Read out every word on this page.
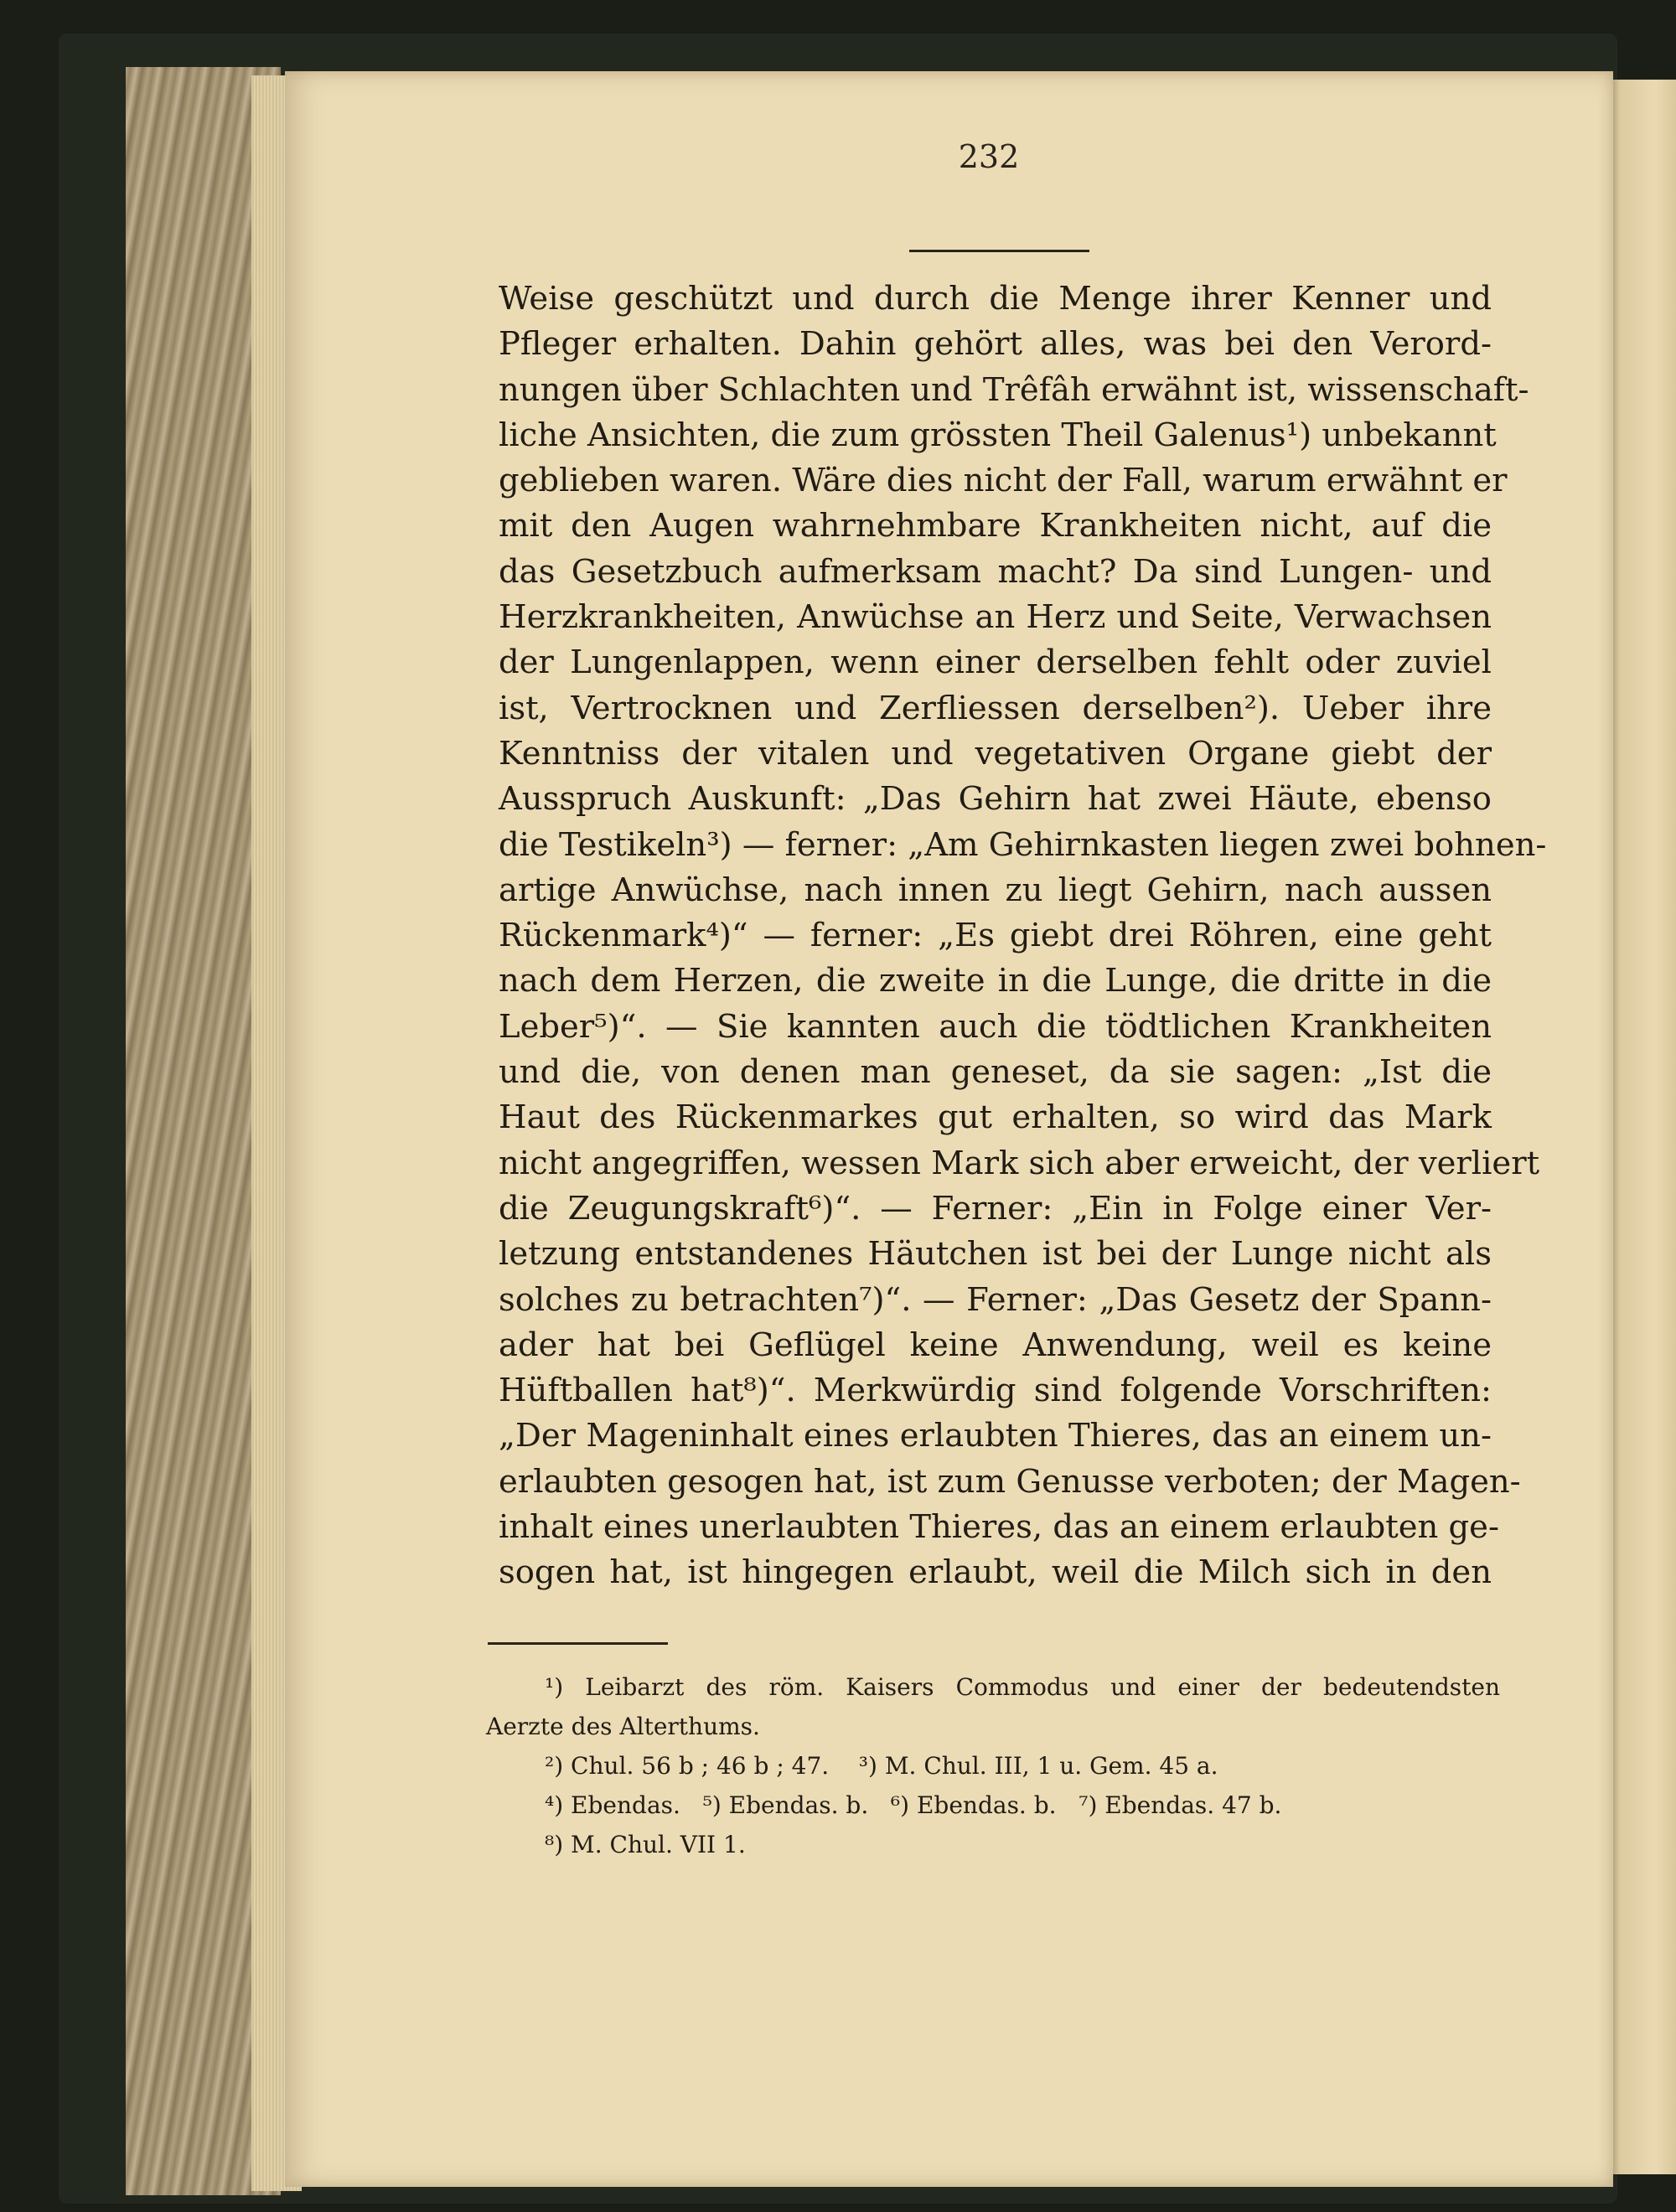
232
Weise geschützt und durch die Menge ihrer Kenner und
Pfleger erhalten. Dahin gehört alles, was bei den Verord-
nungen über Schlachten und Trêfâh erwähnt ist, wissenschaft-
liche Ansichten, die zum grössten Theil Galenus¹) unbekannt
geblieben waren. Wäre dies nicht der Fall, warum erwähnt er
mit den Augen wahrnehmbare Krankheiten nicht, auf die
das Gesetzbuch aufmerksam macht? Da sind Lungen- und
Herzkrankheiten, Anwüchse an Herz und Seite, Verwachsen
der Lungenlappen, wenn einer derselben fehlt oder zuviel
ist, Vertrocknen und Zerfliessen derselben²). Ueber ihre
Kenntniss der vitalen und vegetativen Organe giebt der
Ausspruch Auskunft: „Das Gehirn hat zwei Häute, ebenso
die Testikeln³) — ferner: „Am Gehirnkasten liegen zwei bohnen-
artige Anwüchse, nach innen zu liegt Gehirn, nach aussen
Rückenmark⁴)“ — ferner: „Es giebt drei Röhren, eine geht
nach dem Herzen, die zweite in die Lunge, die dritte in die
Leber⁵)“. — Sie kannten auch die tödtlichen Krankheiten
und die, von denen man geneset, da sie sagen: „Ist die
Haut des Rückenmarkes gut erhalten, so wird das Mark
nicht angegriffen, wessen Mark sich aber erweicht, der verliert
die Zeugungskraft⁶)“. — Ferner: „Ein in Folge einer Ver-
letzung entstandenes Häutchen ist bei der Lunge nicht als
solches zu betrachten⁷)“. — Ferner: „Das Gesetz der Spann-
ader hat bei Geflügel keine Anwendung, weil es keine
Hüftballen hat⁸)“. Merkwürdig sind folgende Vorschriften:
„Der Mageninhalt eines erlaubten Thieres, das an einem un-
erlaubten gesogen hat, ist zum Genusse verboten; der Magen-
inhalt eines unerlaubten Thieres, das an einem erlaubten ge-
sogen hat, ist hingegen erlaubt, weil die Milch sich in den
¹) Leibarzt des röm. Kaisers Commodus und einer der bedeutendsten
Aerzte des Alterthums.
²) Chul. 56 b ; 46 b ; 47.    ³) M. Chul. III, 1 u. Gem. 45 a.
⁴) Ebendas.   ⁵) Ebendas. b.   ⁶) Ebendas. b.   ⁷) Ebendas. 47 b.
⁸) M. Chul. VII 1.
